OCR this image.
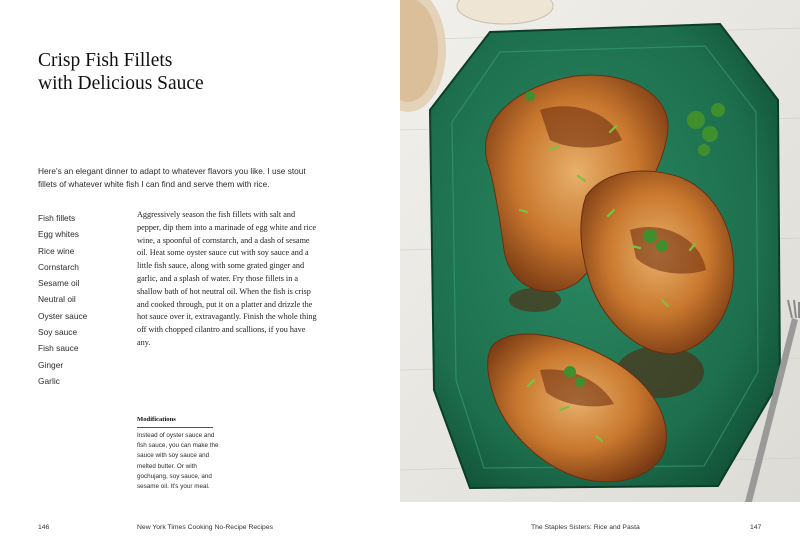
Crisp Fish Fillets
with Delicious Sauce

Here's an elegant dinner to adapt to whatever flavors you like. I use stout fillets of whatever white fish I can find and serve them with rice.

Fish fillets
Egg whites
Rice wine
Cornstarch
Sesame oil
Neutral oil
Oyster sauce
Soy sauce
Fish sauce
Ginger
Garlic

Aggressively season the fish fillets with salt and pepper, dip them into a marinade of egg white and rice wine, a spoonful of cornstarch, and a dash of sesame oil. Heat some oyster sauce cut with soy sauce and a little fish sauce, along with some grated ginger and garlic, and a splash of water. Fry those fillets in a shallow bath of hot neutral oil. When the fish is crisp and cooked through, put it on a platter and drizzle the hot sauce over it, extravagantly. Finish the whole thing off with chopped cilantro and scallions, if you have any.

Modifications

Instead of oyster sauce and fish sauce, you can make the sauce with soy sauce and melted butter. Or with gochujang, soy sauce, and sesame oil. It's your meal.

146	New York Times Cooking No-Recipe Recipes	The Staples Sisters: Rice and Pasta	147
